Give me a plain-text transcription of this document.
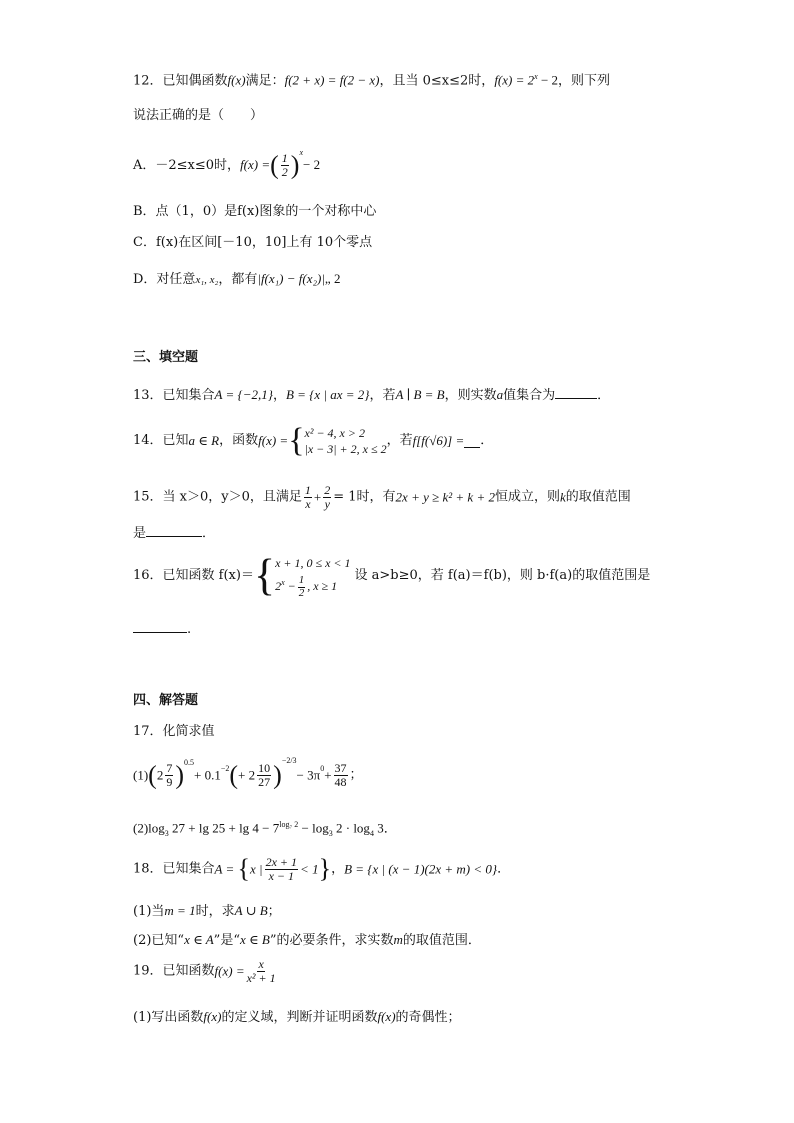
12．已知偶函数f(x)满足：f(2 + x) = f(2 − x)，且当 0≤x≤2时，$f(x) = 2^x - 2$，则下列
说法正确的是（　　）
A．－2≤x≤0时，f(x) =( $\frac{1}{2} )^x- 2$
B．点（1，0）是f(x)图象的一个对称中心
C．f(x)在区间[－10，10]上有 10个零点
D．对任意x₁, x₂，都有|f(x₁) − f(x₂)|„ 2
三、填空题
13．已知集合A = {−2,1}，B = {x | ax = 2}，若A ∣ B = B，则实数a值集合为	．
14．已知a ∈ R，函数f(x) ={ x² − 4, x > 2
|x − 3| + 2, x ≤ 2
，若f[f(√6)] = ．
15．当 x＞0，y＞0，且满足 $\frac{1}{x} + \frac{2}{y} = 1$时，有2x + y ≥ k² + k + 2恒成立，则k的取值范围
是	．
16．已知函数 f(x)＝{ x + 1, 0 ≤ x < 1
$2^x - \frac{1}{2}$ , x ≥ 1
设 a>b≥0，若 f(a)＝f(b)，则 b·f(a)的取值范围是
.
四、解答题
17．化简求值
$(1)(2 \frac{7}{9} )^{0.5}+ 0.1^{-2}(+ 2 \frac{10}{27} )^{-2/3}- 3\pi^0+ \frac{37}{48}$ ；
$(2)\log_3$ $27 + \lg 25 + \lg 4 - 7^{log_7 2} - \log_3 2 \cdot \log_4 3$．
18．已知集合A = {x | $\frac{2x + 1}{x - 1} < 1$}，B = {x | (x − 1)(2x + m) < 0}．
(1)当m = 1时，求A ∪ B；
(2)已知“x ∈ A”是“x ∈ B”的必要条件，求实数m的取值范围．
19．已知函数$f(x) = \frac{x}{\text{x² + 1}}$
(1)写出函数f(x)的定义域，判断并证明函数f(x)的奇偶性；
